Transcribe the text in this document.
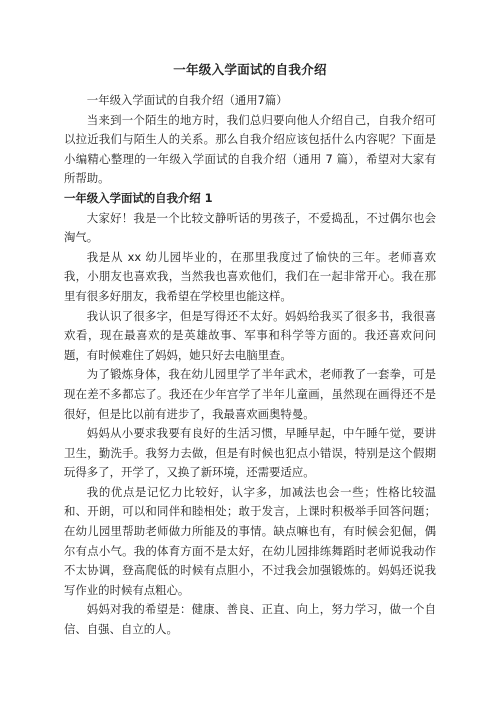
一年级入学面试的自我介绍

一年级入学面试的自我介绍（通用7篇）

当来到一个陌生的地方时，我们总归要向他人介绍自己，自我介绍可以拉近我们与陌生人的关系。那么自我介绍应该包括什么内容呢？下面是小编精心整理的一年级入学面试的自我介绍（通用 7 篇），希望对大家有所帮助。

一年级入学面试的自我介绍 1

大家好！我是一个比较文静听话的男孩子，不爱捣乱，不过偶尔也会淘气。

我是从 xx 幼儿园毕业的，在那里我度过了愉快的三年。老师喜欢我，小朋友也喜欢我，当然我也喜欢他们，我们在一起非常开心。我在那里有很多好朋友，我希望在学校里也能这样。

我认识了很多字，但是写得还不太好。妈妈给我买了很多书，我很喜欢看，现在最喜欢的是英雄故事、军事和科学等方面的。我还喜欢问问题，有时候难住了妈妈，她只好去电脑里查。

为了锻炼身体，我在幼儿园里学了半年武术，老师教了一套拳，可是现在差不多都忘了。我还在少年宫学了半年儿童画，虽然现在画得还不是很好，但是比以前有进步了，我最喜欢画奥特曼。

妈妈从小要求我要有良好的生活习惯，早睡早起，中午睡午觉，要讲卫生，勤洗手。我努力去做，但是有时候也犯点小错误，特别是这个假期玩得多了，开学了，又换了新环境，还需要适应。

我的优点是记忆力比较好，认字多，加减法也会一些；性格比较温和、开朗，可以和同伴和睦相处；敢于发言，上课时积极举手回答问题；在幼儿园里帮助老师做力所能及的事情。缺点嘛也有，有时候会犯倔，偶尔有点小气。我的体育方面不是太好，在幼儿园排练舞蹈时老师说我动作不太协调，登高爬低的时候有点胆小，不过我会加强锻炼的。妈妈还说我写作业的时候有点粗心。

妈妈对我的希望是：健康、善良、正直、向上，努力学习，做一个自信、自强、自立的人。
